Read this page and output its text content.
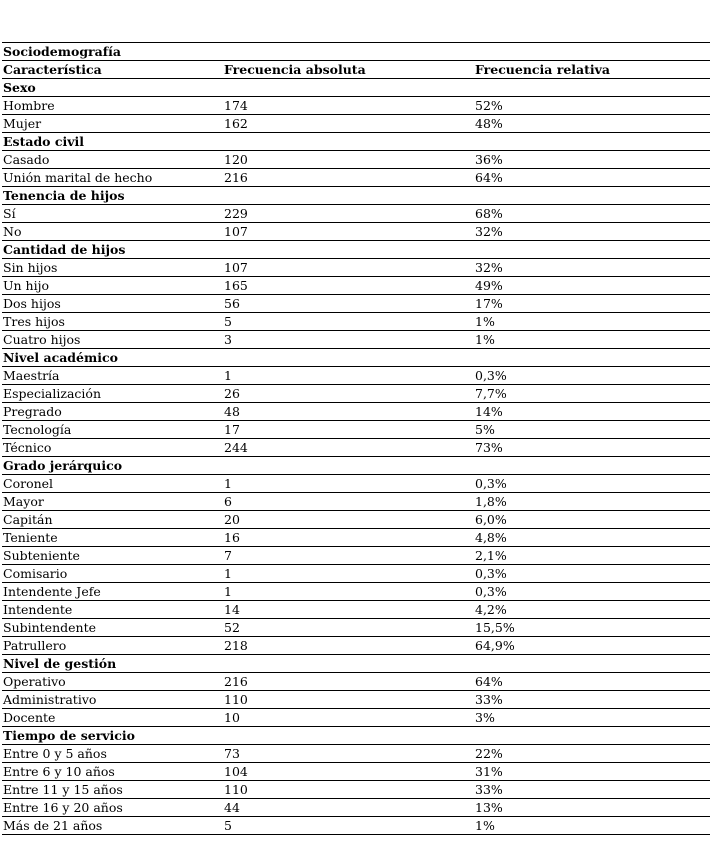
Sociodemografía		
Característica	Frecuencia absoluta	Frecuencia relativa
Sexo		
Hombre	174	52%
Mujer	162	48%
Estado civil		
Casado	120	36%
Unión marital de hecho	216	64%
Tenencia de hijos		
Sí	229	68%
No	107	32%
Cantidad de hijos		
Sin hijos	107	32%
Un hijo	165	49%
Dos hijos	56	17%
Tres hijos	5	1%
Cuatro hijos	3	1%
Nivel académico		
Maestría	1	0,3%
Especialización	26	7,7%
Pregrado	48	14%
Tecnología	17	5%
Técnico	244	73%
Grado jerárquico		
Coronel	1	0,3%
Mayor	6	1,8%
Capitán	20	6,0%
Teniente	16	4,8%
Subteniente	7	2,1%
Comisario	1	0,3%
Intendente Jefe	1	0,3%
Intendente	14	4,2%
Subintendente	52	15,5%
Patrullero	218	64,9%
Nivel de gestión		
Operativo	216	64%
Administrativo	110	33%
Docente	10	3%
Tiempo de servicio		
Entre 0 y 5 años	73	22%
Entre 6 y 10 años	104	31%
Entre 11 y 15 años	110	33%
Entre 16 y 20 años	44	13%
Más de 21 años	5	1%
